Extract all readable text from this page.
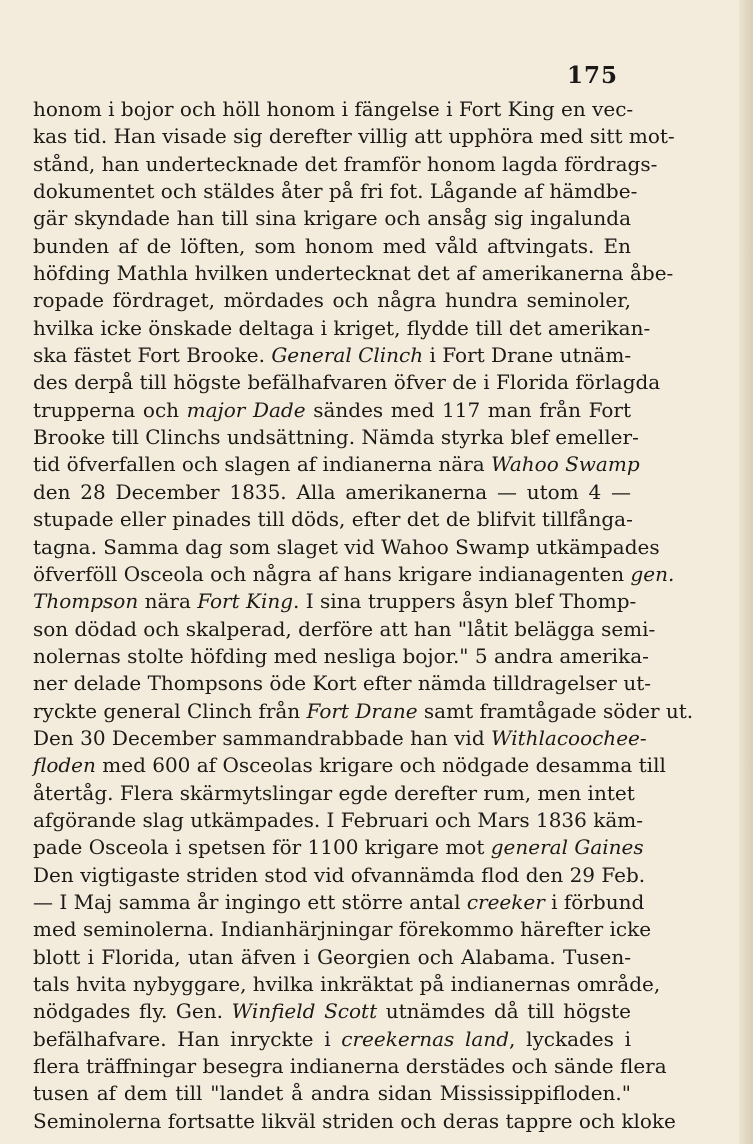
175
honom i bojor och höll honom i fängelse i Fort King en vec-
kas tid. Han visade sig derefter villig att upphöra med sitt mot-
stånd, han undertecknade det framför honom lagda fördrags-
dokumentet och stäldes åter på fri fot. Lågande af hämdbe-
gär skyndade han till sina krigare och ansåg sig ingalunda
bunden af de löften, som honom med våld aftvingats. En
höfding Mathla hvilken undertecknat det af amerikanerna åbe-
ropade fördraget, mördades och några hundra seminoler,
hvilka icke önskade deltaga i kriget, flydde till det amerikan-
ska fästet Fort Brooke. General Clinch i Fort Drane utnäm-
des derpå till högste befälhafvaren öfver de i Florida förlagda
trupperna och major Dade sändes med 117 man från Fort
Brooke till Clinchs undsättning. Nämda styrka blef emeller-
tid öfverfallen och slagen af indianerna nära Wahoo Swamp
den 28 December 1835. Alla amerikanerna — utom 4 —
stupade eller pinades till döds, efter det de blifvit tillfånga-
tagna. Samma dag som slaget vid Wahoo Swamp utkämpades
öfverföll Osceola och några af hans krigare indianagenten gen.
Thompson nära Fort King. I sina truppers åsyn blef Thomp-
son dödad och skalperad, derföre att han "låtit belägga semi-
nolernas stolte höfding med nesliga bojor." 5 andra amerika-
ner delade Thompsons öde Kort efter nämda tilldragelser ut-
ryckte general Clinch från Fort Drane samt framtågade söder ut.
Den 30 December sammandrabbade han vid Withlacoochee-
floden med 600 af Osceolas krigare och nödgade desamma till
återtåg. Flera skärmytslingar egde derefter rum, men intet
afgörande slag utkämpades. I Februari och Mars 1836 käm-
pade Osceola i spetsen för 1100 krigare mot general Gaines
Den vigtigaste striden stod vid ofvannämda flod den 29 Feb.
— I Maj samma år ingingo ett större antal creeker i förbund
med seminolerna. Indianhärjningar förekommo härefter icke
blott i Florida, utan äfven i Georgien och Alabama. Tusen-
tals hvita nybyggare, hvilka inkräktat på indianernas område,
nödgades fly. Gen. Winfield Scott utnämdes då till högste
befälhafvare. Han inryckte i creekernas land, lyckades i
flera träffningar besegra indianerna derstädes och sände flera
tusen af dem till "landet å andra sidan Mississippifloden."
Seminolerna fortsatte likväl striden och deras tappre och kloke
